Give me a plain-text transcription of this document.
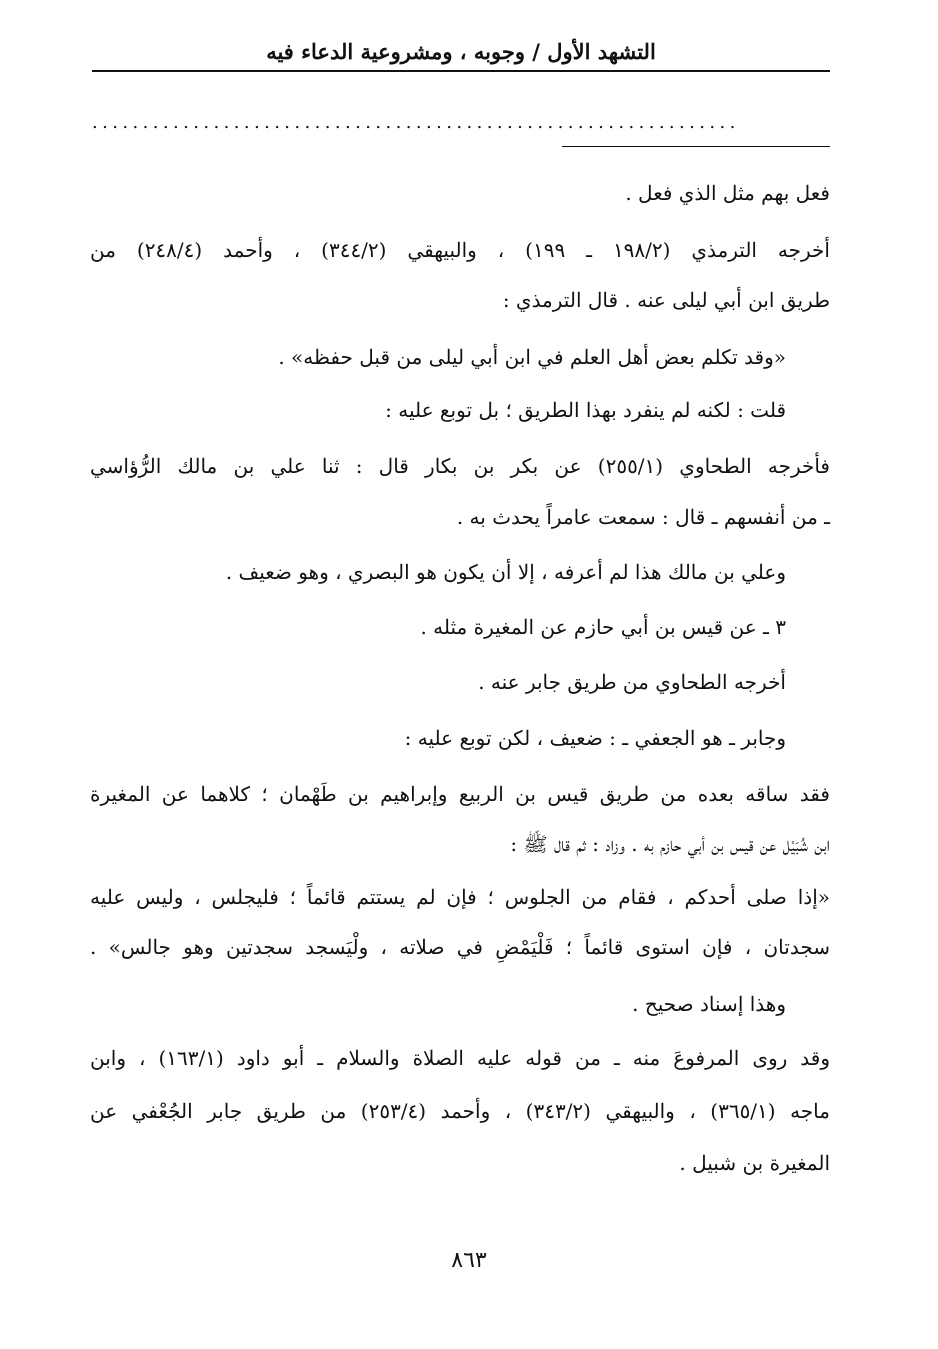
التشهد الأول / وجوبه ، ومشروعية الدعاء فيه
................................................................
فعل بهم مثل الذي فعل .
أخرجه الترمذي (١٩٨/٢ ـ ١٩٩) ، والبيهقي (٣٤٤/٢) ، وأحمد (٢٤٨/٤) من
طريق ابن أبي ليلى عنه . قال الترمذي :
«وقد تكلم بعض أهل العلم في ابن أبي ليلى من قبل حفظه» .
قلت : لكنه لم ينفرد بهذا الطريق ؛ بل توبع عليه :
فأخرجه الطحاوي (٢٥٥/١) عن بكر بن بكار قال : ثنا علي بن مالك الرُّؤاسي
ـ من أنفسهم ـ قال : سمعت عامراً يحدث به .
وعلي بن مالك هذا لم أعرفه ، إلا أن يكون هو البصري ، وهو ضعيف .
٣ ـ عن قيس بن أبي حازم عن المغيرة مثله .
أخرجه الطحاوي من طريق جابر عنه .
وجابر ـ هو الجعفي ـ : ضعيف ، لكن توبع عليه :
فقد ساقه بعده من طريق قيس بن الربيع وإبراهيم بن طَهْمان ؛ كلاهما عن المغيرة
ابن شُبَيْل عن قيس بن أبي حازم به . وزاد : ثم قال ﷺ :
«إذا صلى أحدكم ، فقام من الجلوس ؛ فإن لم يستتم قائماً ؛ فليجلس ، وليس عليه
سجدتان ، فإن استوى قائماً ؛ فَلْيَمْضِ في صلاته ، ولْيَسجد سجدتين وهو جالس» .
وهذا إسناد صحيح .
وقد روى المرفوعَ منه ـ من قوله عليه الصلاة والسلام ـ أبو داود (١٦٣/١) ، وابن
ماجه (٣٦٥/١) ، والبيهقي (٣٤٣/٢) ، وأحمد (٢٥٣/٤) من طريق جابر الجُعْفي عن
المغيرة بن شبيل .
٨٦٣
